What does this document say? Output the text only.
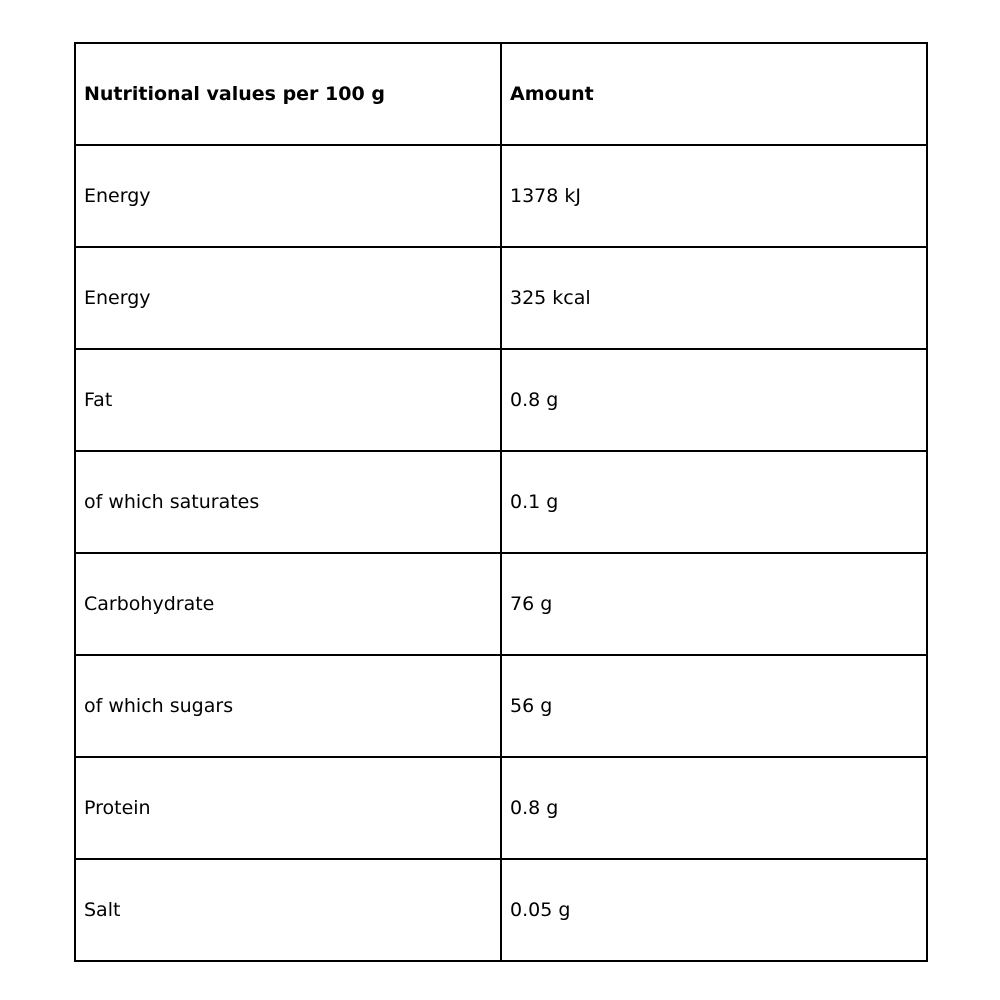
Nutritional values per 100 g	Amount
Energy	1378 kJ
Energy	325 kcal
Fat	0.8 g
of which saturates	0.1 g
Carbohydrate	76 g
of which sugars	56 g
Protein	0.8 g
Salt	0.05 g
